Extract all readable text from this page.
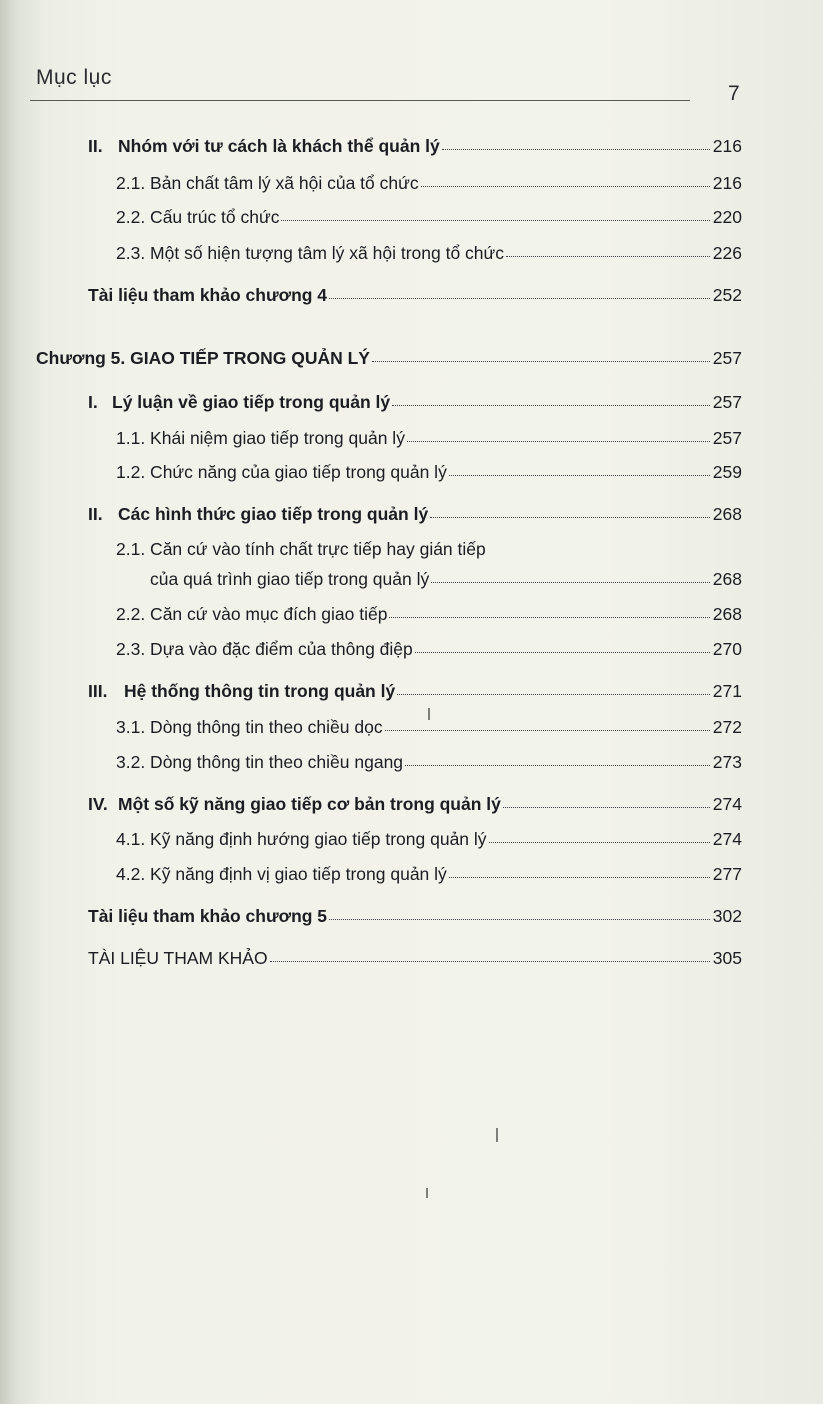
Mục lục
7
II. Nhóm với tư cách là khách thể quản lý	216
2.1. Bản chất tâm lý xã hội của tổ chức	216
2.2. Cấu trúc tổ chức	220
2.3. Một số hiện tượng tâm lý xã hội trong tổ chức	226
Tài liệu tham khảo chương 4	252
Chương 5. GIAO TIẾP TRONG QUẢN LÝ	257
I. Lý luận về giao tiếp trong quản lý	257
1.1. Khái niệm giao tiếp trong quản lý	257
1.2. Chức năng của giao tiếp trong quản lý	259
II. Các hình thức giao tiếp trong quản lý	268
2.1. Căn cứ vào tính chất trực tiếp hay gián tiếp
của quá trình giao tiếp trong quản lý	268
2.2. Căn cứ vào mục đích giao tiếp	268
2.3. Dựa vào đặc điểm của thông điệp	270
III. Hệ thống thông tin trong quản lý	271
3.1. Dòng thông tin theo chiều dọc	272
3.2. Dòng thông tin theo chiều ngang	273
IV. Một số kỹ năng giao tiếp cơ bản trong quản lý	274
4.1. Kỹ năng định hướng giao tiếp trong quản lý	274
4.2. Kỹ năng định vị giao tiếp trong quản lý	277
Tài liệu tham khảo chương 5	302
TÀI LIỆU THAM KHẢO	305
